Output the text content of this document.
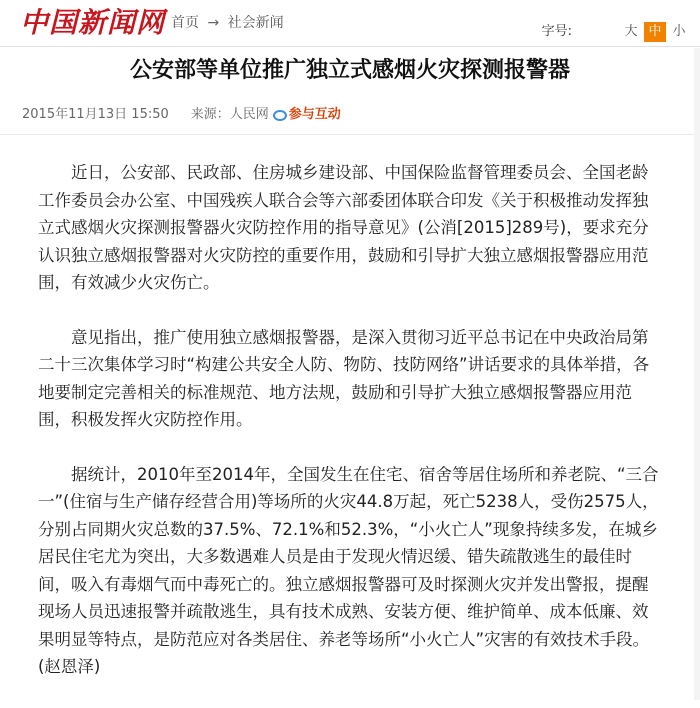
中国新闻网 首页 → 社会新闻
字号:	大 中 小
公安部等单位推广独立式感烟火灾探测报警器
2015年11月13日 15:50 来源：人民网 参与互动

近日，公安部、民政部、住房城乡建设部、中国保险监督管理委员会、全国老龄工作委员会办公室、中国残疾人联合会等六部委团体联合印发《关于积极推动发挥独立式感烟火灾探测报警器火灾防控作用的指导意见》(公消[2015]289号)，要求充分认识独立感烟报警器对火灾防控的重要作用，鼓励和引导扩大独立感烟报警器应用范围，有效减少火灾伤亡。

意见指出，推广使用独立感烟报警器，是深入贯彻习近平总书记在中央政治局第二十三次集体学习时“构建公共安全人防、物防、技防网络”讲话要求的具体举措，各地要制定完善相关的标准规范、地方法规，鼓励和引导扩大独立感烟报警器应用范围，积极发挥火灾防控作用。

据统计，2010年至2014年，全国发生在住宅、宿舍等居住场所和养老院、“三合一”(住宿与生产储存经营合用)等场所的火灾44.8万起，死亡5238人，受伤2575人，分别占同期火灾总数的37.5%、72.1%和52.3%，“小火亡人”现象持续多发，在城乡居民住宅尤为突出，大多数遇难人员是由于发现火情迟缓、错失疏散逃生的最佳时间，吸入有毒烟气而中毒死亡的。独立感烟报警器可及时探测火灾并发出警报，提醒现场人员迅速报警并疏散逃生，具有技术成熟、安装方便、维护简单、成本低廉、效果明显等特点，是防范应对各类居住、养老等场所“小火亡人”灾害的有效技术手段。(赵恩泽)
